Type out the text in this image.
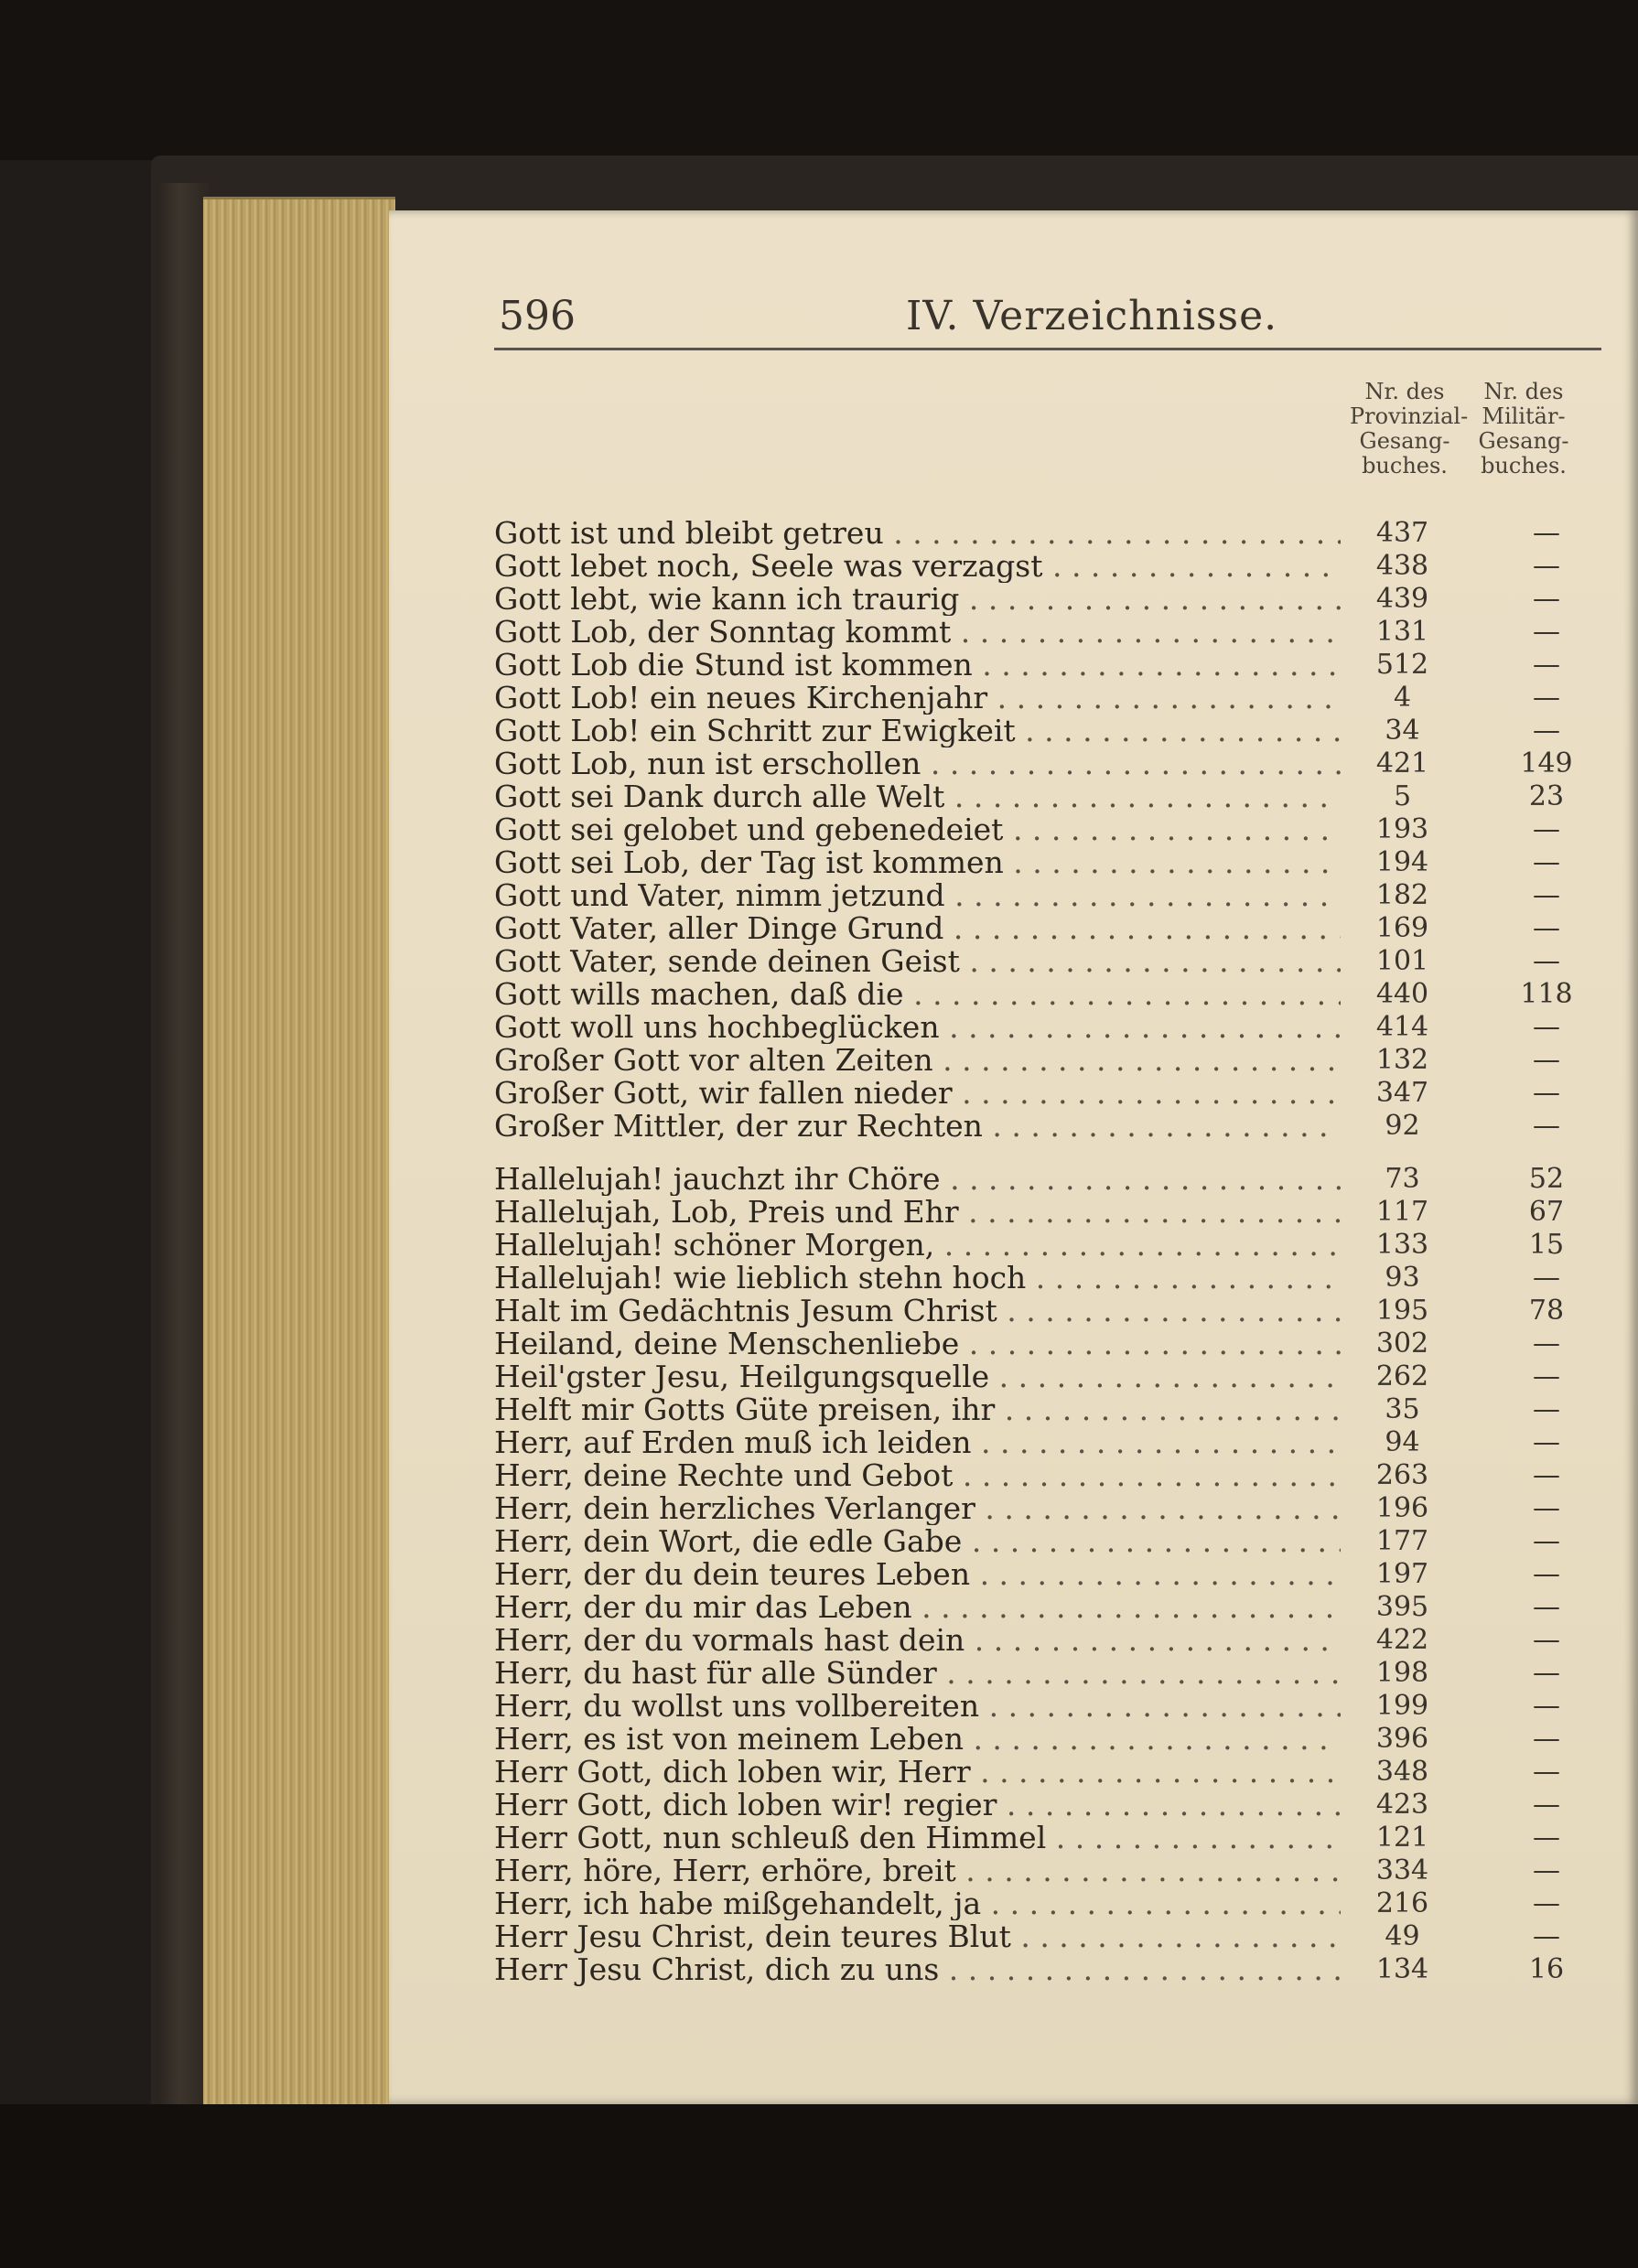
596	IV. Verzeichnisse.
Nr. des Provinzial-Gesang-buches.
Nr. des Militär-Gesang-buches.
Gott ist und bleibt getreu . . .	437	—
Gott lebet noch, Seele was verzagst . . .	438	—
Gott lebt, wie kann ich traurig . . .	439	—
Gott Lob, der Sonntag kommt . . .	131	—
Gott Lob die Stund ist kommen . . .	512	—
Gott Lob! ein neues Kirchenjahr . . .	4	—
Gott Lob! ein Schritt zur Ewigkeit . . .	34	—
Gott Lob, nun ist erschollen . . .	421	149
Gott sei Dank durch alle Welt . . .	5	23
Gott sei gelobet und gebenedeiet . . .	193	—
Gott sei Lob, der Tag ist kommen . . .	194	—
Gott und Vater, nimm jetzund . . .	182	—
Gott Vater, aller Dinge Grund . . .	169	—
Gott Vater, sende deinen Geist . . .	101	—
Gott wills machen, daß die . . .	440	118
Gott woll uns hochbeglücken . . .	414	—
Großer Gott vor alten Zeiten . . .	132	—
Großer Gott, wir fallen nieder . . .	347	—
Großer Mittler, der zur Rechten . . .	92	—
Hallelujah! jauchzt ihr Chöre . . .	73	52
Hallelujah, Lob, Preis und Ehr . . .	117	67
Hallelujah! schöner Morgen, . . .	133	15
Hallelujah! wie lieblich stehn hoch . . .	93	—
Halt im Gedächtnis Jesum Christ . . .	195	78
Heiland, deine Menschenliebe . . .	302	—
Heil'gster Jesu, Heilgungsquelle . . .	262	—
Helft mir Gotts Güte preisen, ihr . . .	35	—
Herr, auf Erden muß ich leiden . . .	94	—
Herr, deine Rechte und Gebot . . .	263	—
Herr, dein herzliches Verlanger . . .	196	—
Herr, dein Wort, die edle Gabe . . .	177	—
Herr, der du dein teures Leben . . .	197	—
Herr, der du mir das Leben . . .	395	—
Herr, der du vormals hast dein . . .	422	—
Herr, du hast für alle Sünder . . .	198	—
Herr, du wollst uns vollbereiten . . .	199	—
Herr, es ist von meinem Leben . . .	396	—
Herr Gott, dich loben wir, Herr . . .	348	—
Herr Gott, dich loben wir! regier . . .	423	—
Herr Gott, nun schleuß den Himmel . . .	121	—
Herr, höre, Herr, erhöre, breit . . .	334	—
Herr, ich habe mißgehandelt, ja . . .	216	—
Herr Jesu Christ, dein teures Blut . . .	49	—
Herr Jesu Christ, dich zu uns . . .	134	16
